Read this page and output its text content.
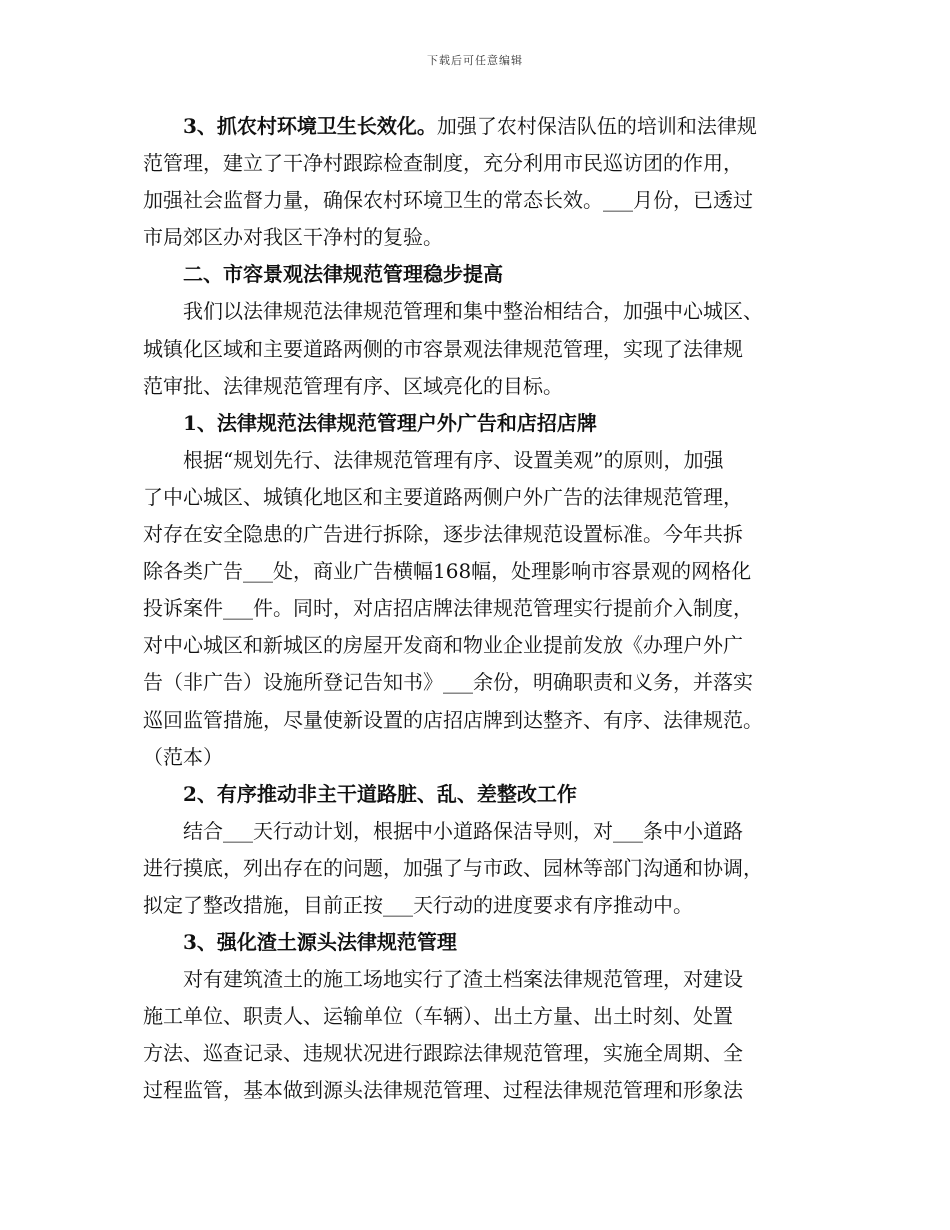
下载后可任意编辑
3、抓农村环境卫生长效化。加强了农村保洁队伍的培训和法律规
范管理，建立了干净村跟踪检查制度，充分利用市民巡访团的作用，
加强社会监督力量，确保农村环境卫生的常态长效。___月份，已透过
市局郊区办对我区干净村的复验。
二、市容景观法律规范管理稳步提高
我们以法律规范法律规范管理和集中整治相结合，加强中心城区、
城镇化区域和主要道路两侧的市容景观法律规范管理，实现了法律规
范审批、法律规范管理有序、区域亮化的目标。
1、法律规范法律规范管理户外广告和店招店牌
根据“规划先行、法律规范管理有序、设置美观”的原则，加强
了中心城区、城镇化地区和主要道路两侧户外广告的法律规范管理，
对存在安全隐患的广告进行拆除，逐步法律规范设置标准。今年共拆
除各类广告___处，商业广告横幅168幅，处理影响市容景观的网格化
投诉案件___件。同时，对店招店牌法律规范管理实行提前介入制度，
对中心城区和新城区的房屋开发商和物业企业提前发放《办理户外广
告（非广告）设施所登记告知书》___余份，明确职责和义务，并落实
巡回监管措施，尽量使新设置的店招店牌到达整齐、有序、法律规范。
（范本）
2、有序推动非主干道路脏、乱、差整改工作
结合___天行动计划，根据中小道路保洁导则，对___条中小道路
进行摸底，列出存在的问题，加强了与市政、园林等部门沟通和协调，
拟定了整改措施，目前正按___天行动的进度要求有序推动中。
3、强化渣土源头法律规范管理
对有建筑渣土的施工场地实行了渣土档案法律规范管理，对建设
施工单位、职责人、运输单位（车辆）、出土方量、出土时刻、处置
方法、巡查记录、违规状况进行跟踪法律规范管理，实施全周期、全
过程监管，基本做到源头法律规范管理、过程法律规范管理和形象法
